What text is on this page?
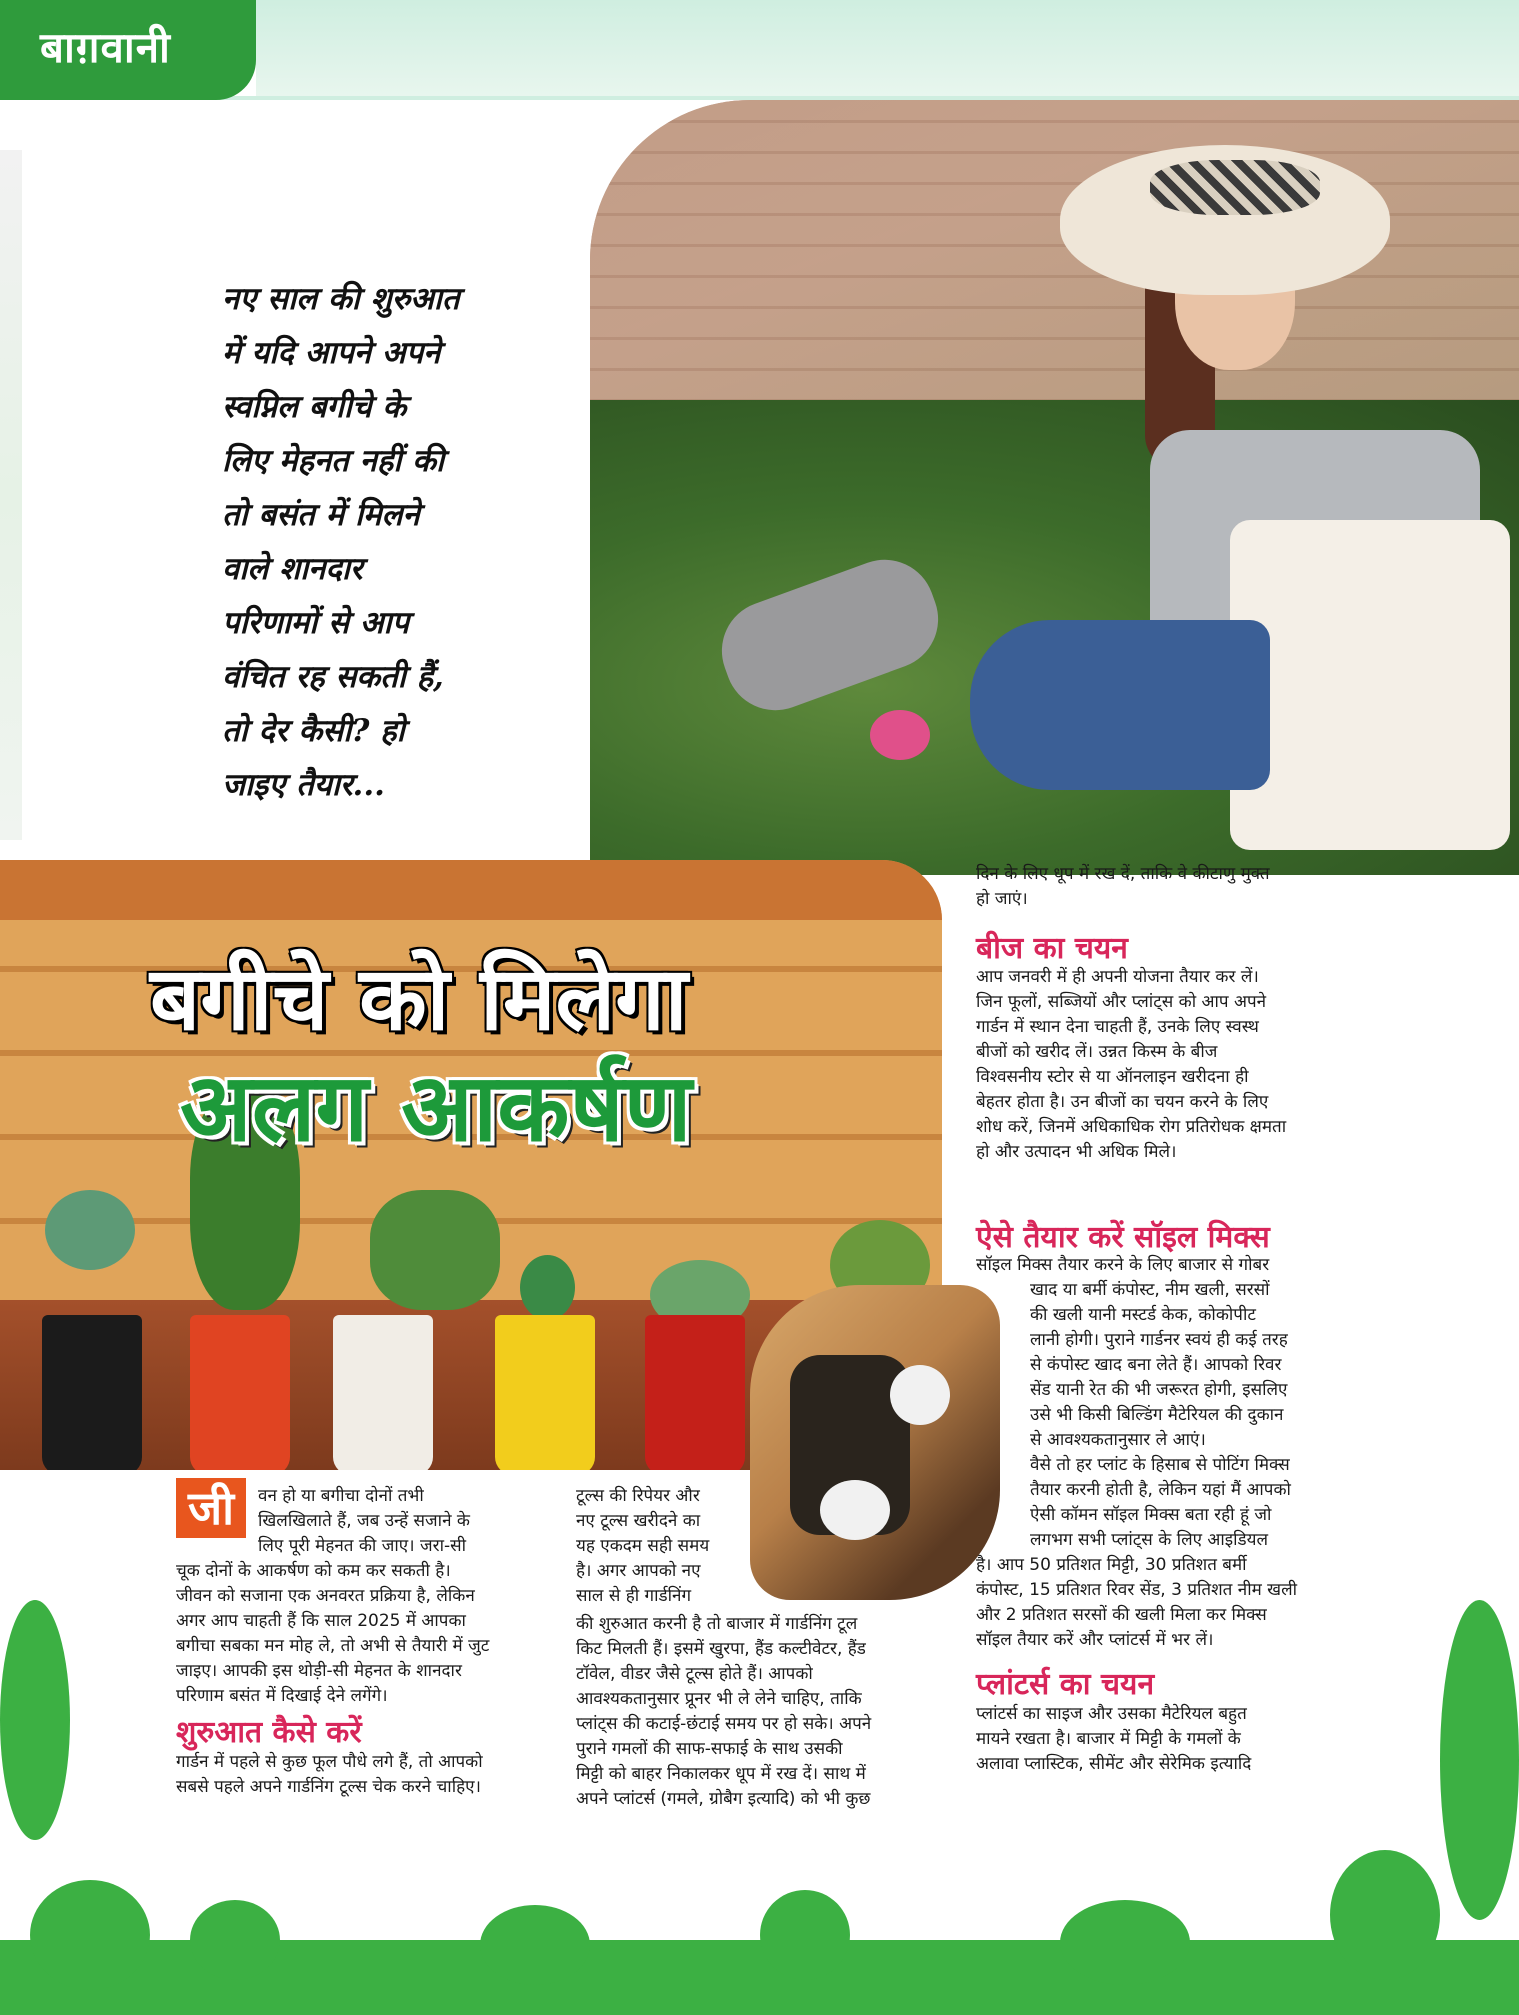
बाग़वानी
नए साल की शुरुआत
में यदि आपने अपने
स्वप्निल बगीचे के
लिए मेहनत नहीं की
तो बसंत में मिलने
वाले शानदार
परिणामों से आप
वंचित रह सकती हैं,
तो देर कैसी? हो
जाइए तैयार...
बगीचे को मिलेगा
अलग आकर्षण
जी	वन हो या बगीचा दोनों तभी
खिलखिलाते हैं, जब उन्हें सजाने के
लिए पूरी मेहनत की जाए। जरा-सी
चूक दोनों के आकर्षण को कम कर सकती है।
जीवन को सजाना एक अनवरत प्रक्रिया है, लेकिन
अगर आप चाहती हैं कि साल 2025 में आपका
बगीचा सबका मन मोह ले, तो अभी से तैयारी में जुट
जाइए। आपकी इस थोड़ी-सी मेहनत के शानदार
परिणाम बसंत में दिखाई देने लगेंगे।
शुरुआत कैसे करें
गार्डन में पहले से कुछ फूल पौधे लगे हैं, तो आपको
सबसे पहले अपने गार्डनिंग टूल्स चेक करने चाहिए।
टूल्स की रिपेयर और
नए टूल्स खरीदने का
यह एकदम सही समय
है। अगर आपको नए
साल से ही गार्डनिंग
की शुरुआत करनी है तो बाजार में गार्डनिंग टूल
किट मिलती हैं। इसमें खुरपा, हैंड कल्टीवेटर, हैंड
टॉवेल, वीडर जैसे टूल्स होते हैं। आपको
आवश्यकतानुसार प्रूनर भी ले लेने चाहिए, ताकि
प्लांट्स की कटाई-छंटाई समय पर हो सके। अपने
पुराने गमलों की साफ-सफाई के साथ उसकी
मिट्टी को बाहर निकालकर धूप में रख दें। साथ में
अपने प्लांटर्स (गमले, ग्रोबैग इत्यादि) को भी कुछ
दिन के लिए धूप में रख दें, ताकि वे कीटाणु मुक्त
हो जाएं।
बीज का चयन
आप जनवरी में ही अपनी योजना तैयार कर लें।
जिन फूलों, सब्जियों और प्लांट्स को आप अपने
गार्डन में स्थान देना चाहती हैं, उनके लिए स्वस्थ
बीजों को खरीद लें। उन्नत किस्म के बीज
विश्वसनीय स्टोर से या ऑनलाइन खरीदना ही
बेहतर होता है। उन बीजों का चयन करने के लिए
शोध करें, जिनमें अधिकाधिक रोग प्रतिरोधक क्षमता
हो और उत्पादन भी अधिक मिले।
ऐसे तैयार करें सॉइल मिक्स
सॉइल मिक्स तैयार करने के लिए बाजार से गोबर
खाद या बर्मी कंपोस्ट, नीम खली, सरसों
की खली यानी मस्टर्ड केक, कोकोपीट
लानी होगी। पुराने गार्डनर स्वयं ही कई तरह
से कंपोस्ट खाद बना लेते हैं। आपको रिवर
सेंड यानी रेत की भी जरूरत होगी, इसलिए
उसे भी किसी बिल्डिंग मैटेरियल की दुकान
से आवश्यकतानुसार ले आएं।
वैसे तो हर प्लांट के हिसाब से पोटिंग मिक्स
तैयार करनी होती है, लेकिन यहां मैं आपको
ऐसी कॉमन सॉइल मिक्स बता रही हूं जो
लगभग सभी प्लांट्स के लिए आइडियल
है। आप 50 प्रतिशत मिट्टी, 30 प्रतिशत बर्मी
कंपोस्ट, 15 प्रतिशत रिवर सेंड, 3 प्रतिशत नीम खली
और 2 प्रतिशत सरसों की खली मिला कर मिक्स
सॉइल तैयार करें और प्लांटर्स में भर लें।
प्लांटर्स का चयन
प्लांटर्स का साइज और उसका मैटेरियल बहुत
मायने रखता है। बाजार में मिट्टी के गमलों के
अलावा प्लास्टिक, सीमेंट और सेरेमिक इत्यादि
